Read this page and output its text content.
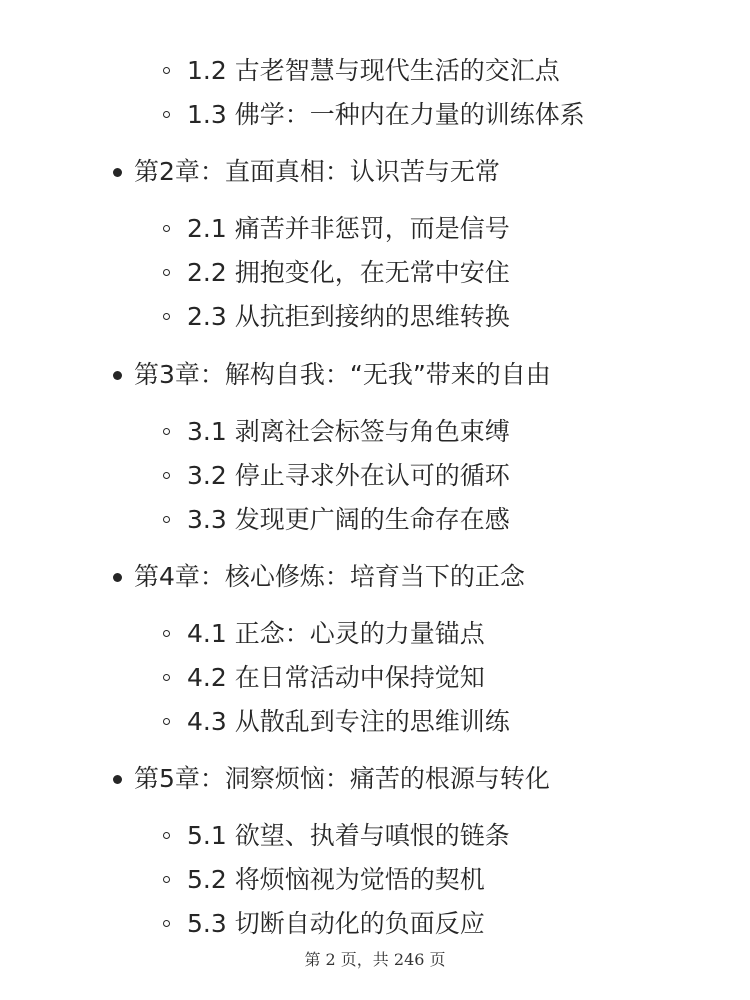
1.2 古老智慧与现代生活的交汇点
1.3 佛学：一种内在力量的训练体系
第2章：直面真相：认识苦与无常
2.1 痛苦并非惩罚，而是信号
2.2 拥抱变化，在无常中安住
2.3 从抗拒到接纳的思维转换
第3章：解构自我：“无我”带来的自由
3.1 剥离社会标签与角色束缚
3.2 停止寻求外在认可的循环
3.3 发现更广阔的生命存在感
第4章：核心修炼：培育当下的正念
4.1 正念：心灵的力量锚点
4.2 在日常活动中保持觉知
4.3 从散乱到专注的思维训练
第5章：洞察烦恼：痛苦的根源与转化
5.1 欲望、执着与嗔恨的链条
5.2 将烦恼视为觉悟的契机
5.3 切断自动化的负面反应
第 2 页，共 246 页
